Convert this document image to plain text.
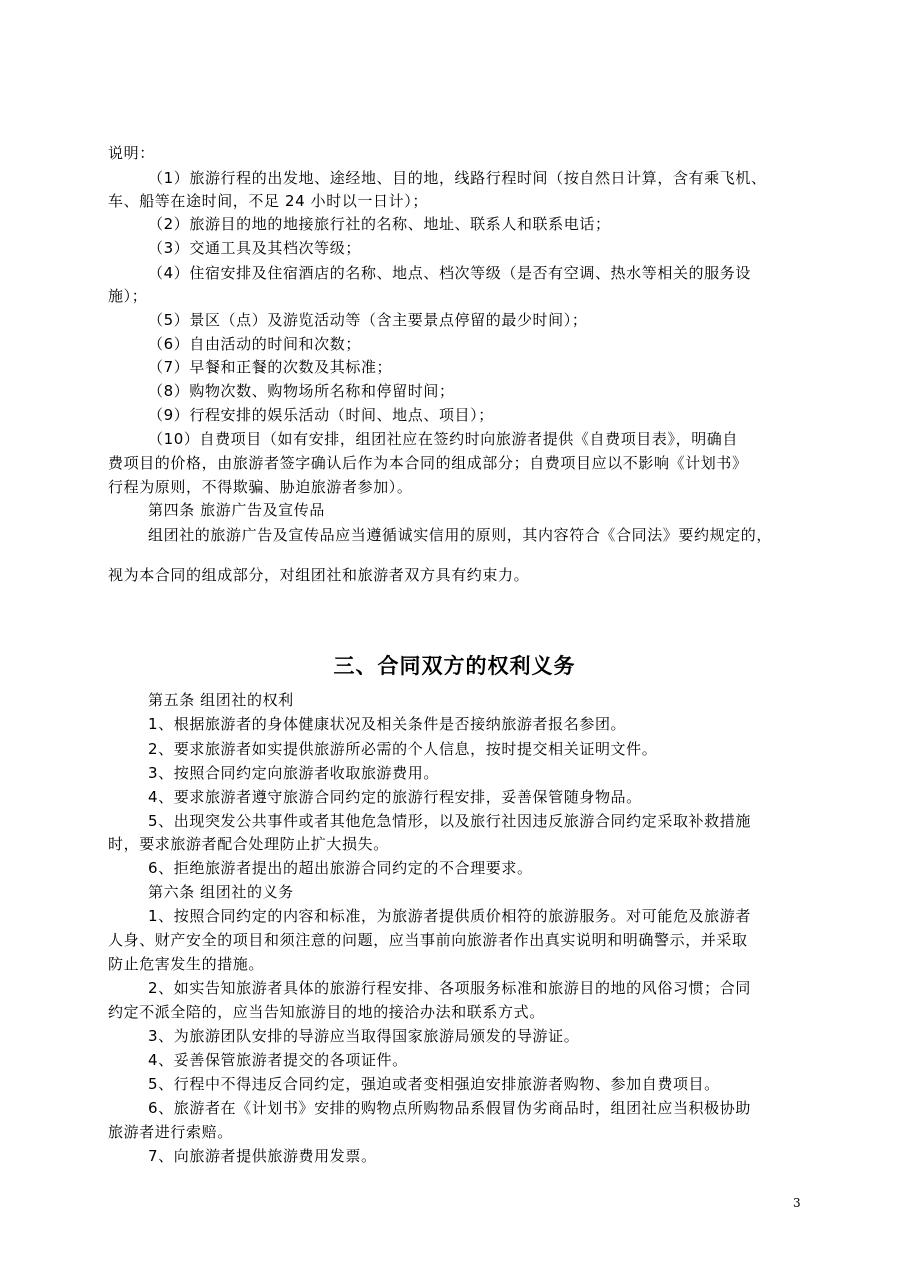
说明：
（1）旅游行程的出发地、途经地、目的地，线路行程时间（按自然日计算，含有乘飞机、
车、船等在途时间，不足 24 小时以一日计）；
（2）旅游目的地的地接旅行社的名称、地址、联系人和联系电话；
（3）交通工具及其档次等级；
（4）住宿安排及住宿酒店的名称、地点、档次等级（是否有空调、热水等相关的服务设
施）；
（5）景区（点）及游览活动等（含主要景点停留的最少时间）；
（6）自由活动的时间和次数；
（7）早餐和正餐的次数及其标准；
（8）购物次数、购物场所名称和停留时间；
（9）行程安排的娱乐活动（时间、地点、项目）；
（10）自费项目（如有安排，组团社应在签约时向旅游者提供《自费项目表》，明确自
费项目的价格，由旅游者签字确认后作为本合同的组成部分；自费项目应以不影响《计划书》
行程为原则，不得欺骗、胁迫旅游者参加）。
第四条 旅游广告及宣传品
组团社的旅游广告及宣传品应当遵循诚实信用的原则，其内容符合《合同法》要约规定的，
视为本合同的组成部分，对组团社和旅游者双方具有约束力。
三、合同双方的权利义务
第五条 组团社的权利
1、根据旅游者的身体健康状况及相关条件是否接纳旅游者报名参团。
2、要求旅游者如实提供旅游所必需的个人信息，按时提交相关证明文件。
3、按照合同约定向旅游者收取旅游费用。
4、要求旅游者遵守旅游合同约定的旅游行程安排，妥善保管随身物品。
5、出现突发公共事件或者其他危急情形，以及旅行社因违反旅游合同约定采取补救措施
时，要求旅游者配合处理防止扩大损失。
6、拒绝旅游者提出的超出旅游合同约定的不合理要求。
第六条 组团社的义务
1、按照合同约定的内容和标准，为旅游者提供质价相符的旅游服务。对可能危及旅游者
人身、财产安全的项目和须注意的问题，应当事前向旅游者作出真实说明和明确警示，并采取
防止危害发生的措施。
2、如实告知旅游者具体的旅游行程安排、各项服务标准和旅游目的地的风俗习惯；合同
约定不派全陪的，应当告知旅游目的地的接洽办法和联系方式。
3、为旅游团队安排的导游应当取得国家旅游局颁发的导游证。
4、妥善保管旅游者提交的各项证件。
5、行程中不得违反合同约定，强迫或者变相强迫安排旅游者购物、参加自费项目。
6、旅游者在《计划书》安排的购物点所购物品系假冒伪劣商品时，组团社应当积极协助
旅游者进行索赔。
7、向旅游者提供旅游费用发票。
3
